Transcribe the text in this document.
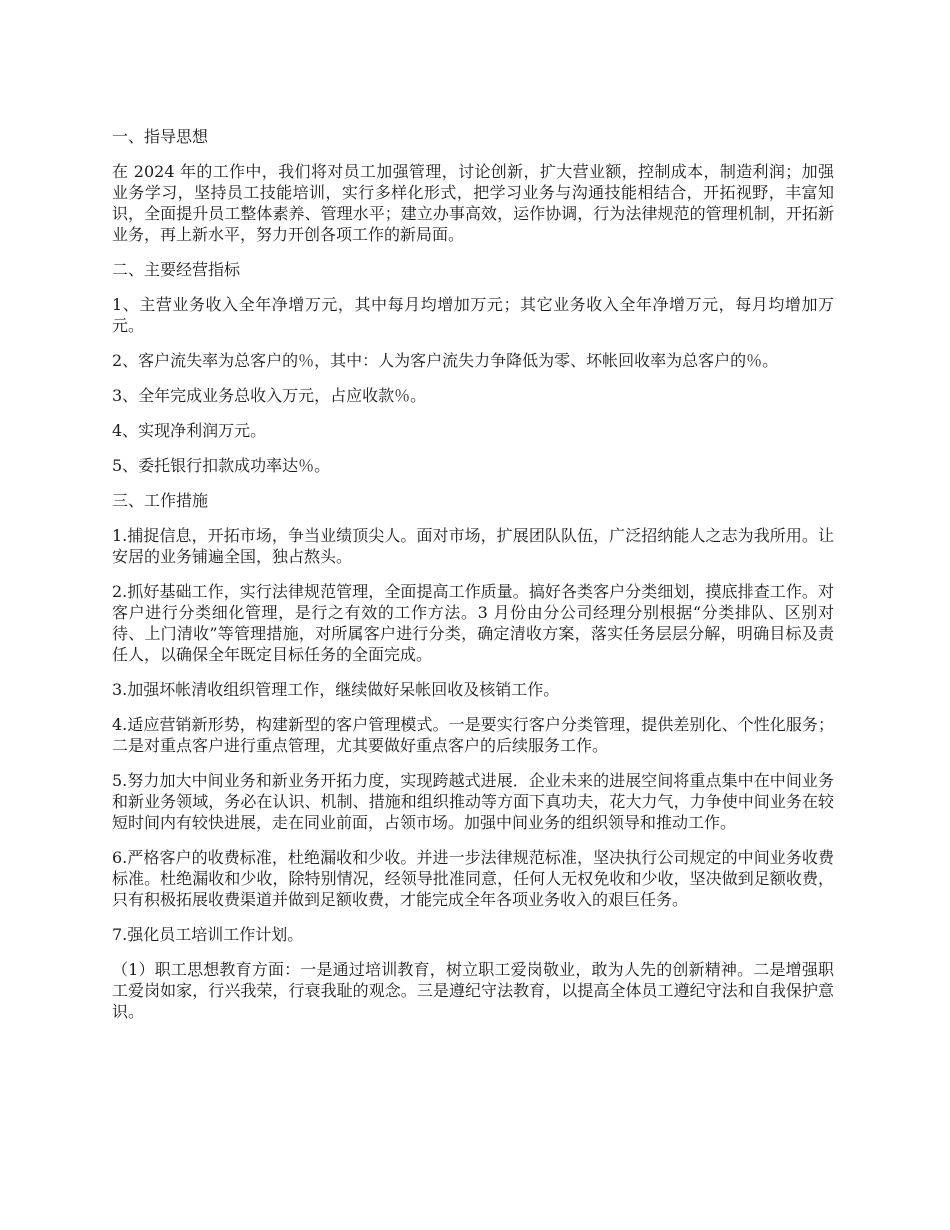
一、指导思想
在 2024 年的工作中，我们将对员工加强管理，讨论创新，扩大营业额，控制成本，制造利润；加强业务学习，坚持员工技能培训，实行多样化形式，把学习业务与沟通技能相结合，开拓视野，丰富知识，全面提升员工整体素养、管理水平；建立办事高效，运作协调，行为法律规范的管理机制，开拓新业务，再上新水平，努力开创各项工作的新局面。
二、主要经营指标
1、主营业务收入全年净增万元，其中每月均增加万元；其它业务收入全年净增万元，每月均增加万元。
2、客户流失率为总客户的％，其中：人为客户流失力争降低为零、坏帐回收率为总客户的％。
3、全年完成业务总收入万元，占应收款％。
4、实现净利润万元。
5、委托银行扣款成功率达％。
三、工作措施
1.捕捉信息，开拓市场，争当业绩顶尖人。面对市场，扩展团队队伍，广泛招纳能人之志为我所用。让安居的业务铺遍全国，独占熬头。
2.抓好基础工作，实行法律规范管理，全面提高工作质量。搞好各类客户分类细划，摸底排查工作。对客户进行分类细化管理，是行之有效的工作方法。3 月份由分公司经理分别根据“分类排队、区别对待、上门清收”等管理措施，对所属客户进行分类，确定清收方案，落实任务层层分解，明确目标及责任人，以确保全年既定目标任务的全面完成。
3.加强坏帐清收组织管理工作，继续做好呆帐回收及核销工作。
4.适应营销新形势，构建新型的客户管理模式。一是要实行客户分类管理，提供差别化、个性化服务；二是对重点客户进行重点管理，尤其要做好重点客户的后续服务工作。
5.努力加大中间业务和新业务开拓力度，实现跨越式进展．企业未来的进展空间将重点集中在中间业务和新业务领域，务必在认识、机制、措施和组织推动等方面下真功夫，花大力气，力争使中间业务在较短时间内有较快进展，走在同业前面，占领市场。加强中间业务的组织领导和推动工作。
6.严格客户的收费标准，杜绝漏收和少收。并进一步法律规范标准，坚决执行公司规定的中间业务收费标准。杜绝漏收和少收，除特别情况，经领导批准同意，任何人无权免收和少收，坚决做到足额收费，只有积极拓展收费渠道并做到足额收费，才能完成全年各项业务收入的艰巨任务。
7.强化员工培训工作计划。
（1）职工思想教育方面：一是通过培训教育，树立职工爱岗敬业，敢为人先的创新精神。二是增强职工爱岗如家，行兴我荣，行衰我耻的观念。三是遵纪守法教育，以提高全体员工遵纪守法和自我保护意识。
